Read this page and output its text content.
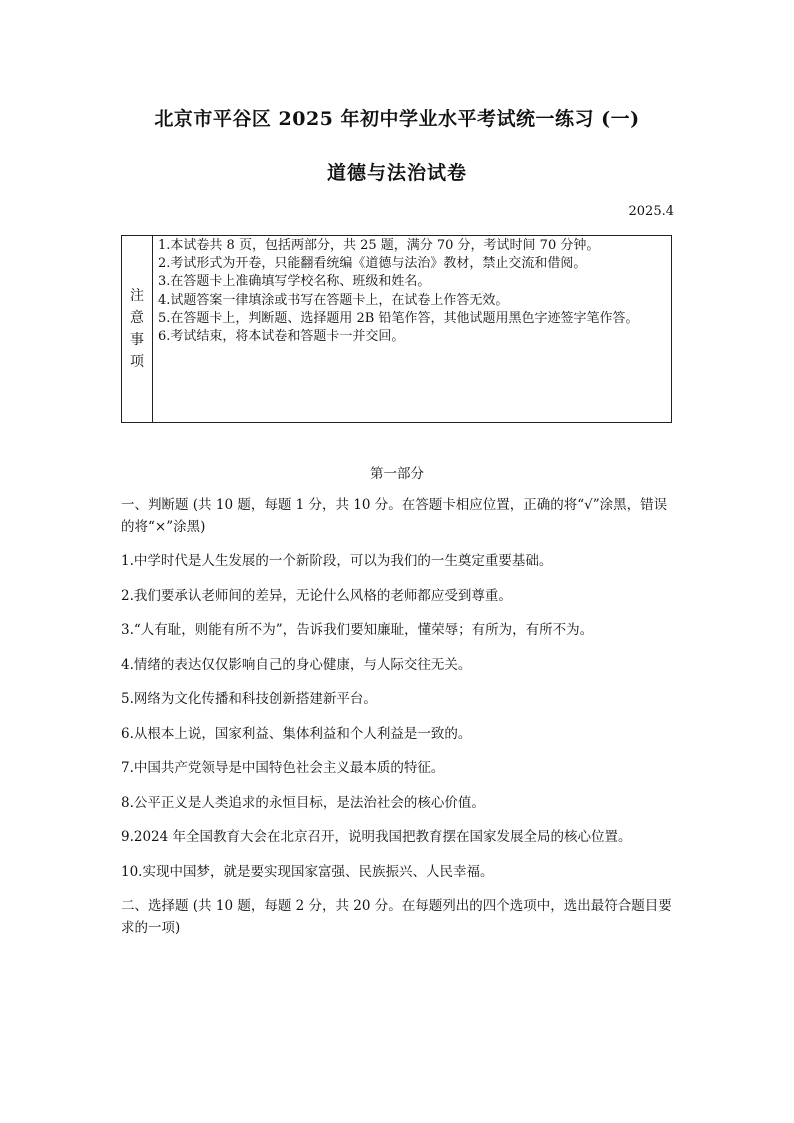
北京市平谷区 2025 年初中学业水平考试统一练习 (一)
道德与法治试卷
2025.4
注
意
事
项
1.本试卷共 8 页，包括两部分，共 25 题，满分 70 分，考试时间 70 分钟。
2.考试形式为开卷，只能翻看统编《道德与法治》教材，禁止交流和借阅。
3.在答题卡上准确填写学校名称、班级和姓名。
4.试题答案一律填涂或书写在答题卡上，在试卷上作答无效。
5.在答题卡上，判断题、选择题用 2B 铅笔作答，其他试题用黑色字迹签字笔作答。
6.考试结束，将本试卷和答题卡一并交回。
第一部分

一、判断题 (共 10 题，每题 1 分，共 10 分。在答题卡相应位置，正确的将“√”涂黑，错误的将“×”涂黑)

1.中学时代是人生发展的一个新阶段，可以为我们的一生奠定重要基础。

2.我们要承认老师间的差异，无论什么风格的老师都应受到尊重。

3.“人有耻，则能有所不为”，告诉我们要知廉耻，懂荣辱；有所为，有所不为。

4.情绪的表达仅仅影响自己的身心健康，与人际交往无关。

5.网络为文化传播和科技创新搭建新平台。

6.从根本上说，国家利益、集体利益和个人利益是一致的。

7.中国共产党领导是中国特色社会主义最本质的特征。

8.公平正义是人类追求的永恒目标，是法治社会的核心价值。

9.2024 年全国教育大会在北京召开，说明我国把教育摆在国家发展全局的核心位置。

10.实现中国梦，就是要实现国家富强、民族振兴、人民幸福。

二、选择题 (共 10 题，每题 2 分，共 20 分。在每题列出的四个选项中，选出最符合题目要求的一项)
